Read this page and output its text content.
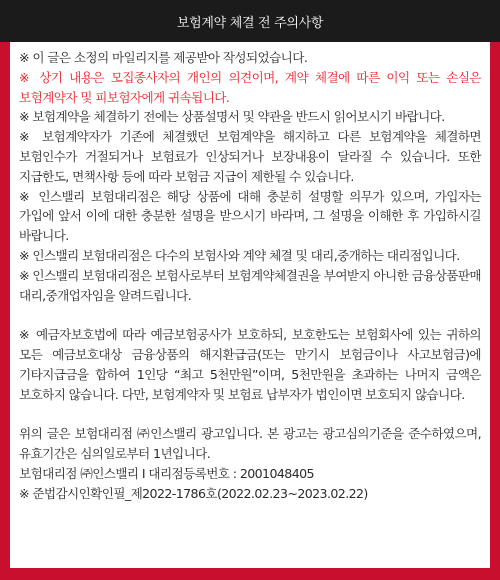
보험계약 체결 전 주의사항

※ 이 글은 소정의 마일리지를 제공받아 작성되었습니다.

※ 상기 내용은 모집종사자의 개인의 의견이며, 계약 체결에 따른 이익 또는 손실은 보험계약자 및 피보험자에게 귀속됩니다.

※ 보험계약을 체결하기 전에는 상품설명서 및 약관을 반드시 읽어보시기 바랍니다.

※ 보험계약자가 기존에 체결했던 보험계약을 해지하고 다른 보험계약을 체결하면 보험인수가 거절되거나 보험료가 인상되거나 보장내용이 달라질 수 있습니다. 또한 지급한도, 면책사항 등에 따라 보험금 지급이 제한될 수 있습니다.

※ 인스밸리 보험대리점은 해당 상품에 대해 충분히 설명할 의무가 있으며, 가입자는 가입에 앞서 이에 대한 충분한 설명을 받으시기 바라며, 그 설명을 이해한 후 가입하시길 바랍니다.

※ 인스밸리 보험대리점은 다수의 보험사와 계약 체결 및 대리,중개하는 대리점입니다.

※ 인스밸리 보험대리점은 보험사로부터 보험계약체결권을 부여받지 아니한 금융상품판매 대리,중개업자임을 알려드립니다.

※ 예금자보호법에 따라 예금보험공사가 보호하되, 보호한도는 보험회사에 있는 귀하의 모든 예금보호대상 금융상품의 해지환급금(또는 만기시 보험금이나 사고보험금)에 기타지급금을 합하여 1인당 “최고 5천만원”이며, 5천만원을 초과하는 나머지 금액은 보호하지 않습니다. 다만, 보험계약자 및 보험료 납부자가 법인이면 보호되지 않습니다.

위의 글은 보험대리점 ㈜인스밸리 광고입니다. 본 광고는 광고심의기준을 준수하였으며, 유효기간은 심의일로부터 1년입니다.

보험대리점 ㈜인스밸리 I 대리점등록번호 : 2001048405

※ 준법감시인확인필_제2022-1786호(2022.02.23~2023.02.22)
